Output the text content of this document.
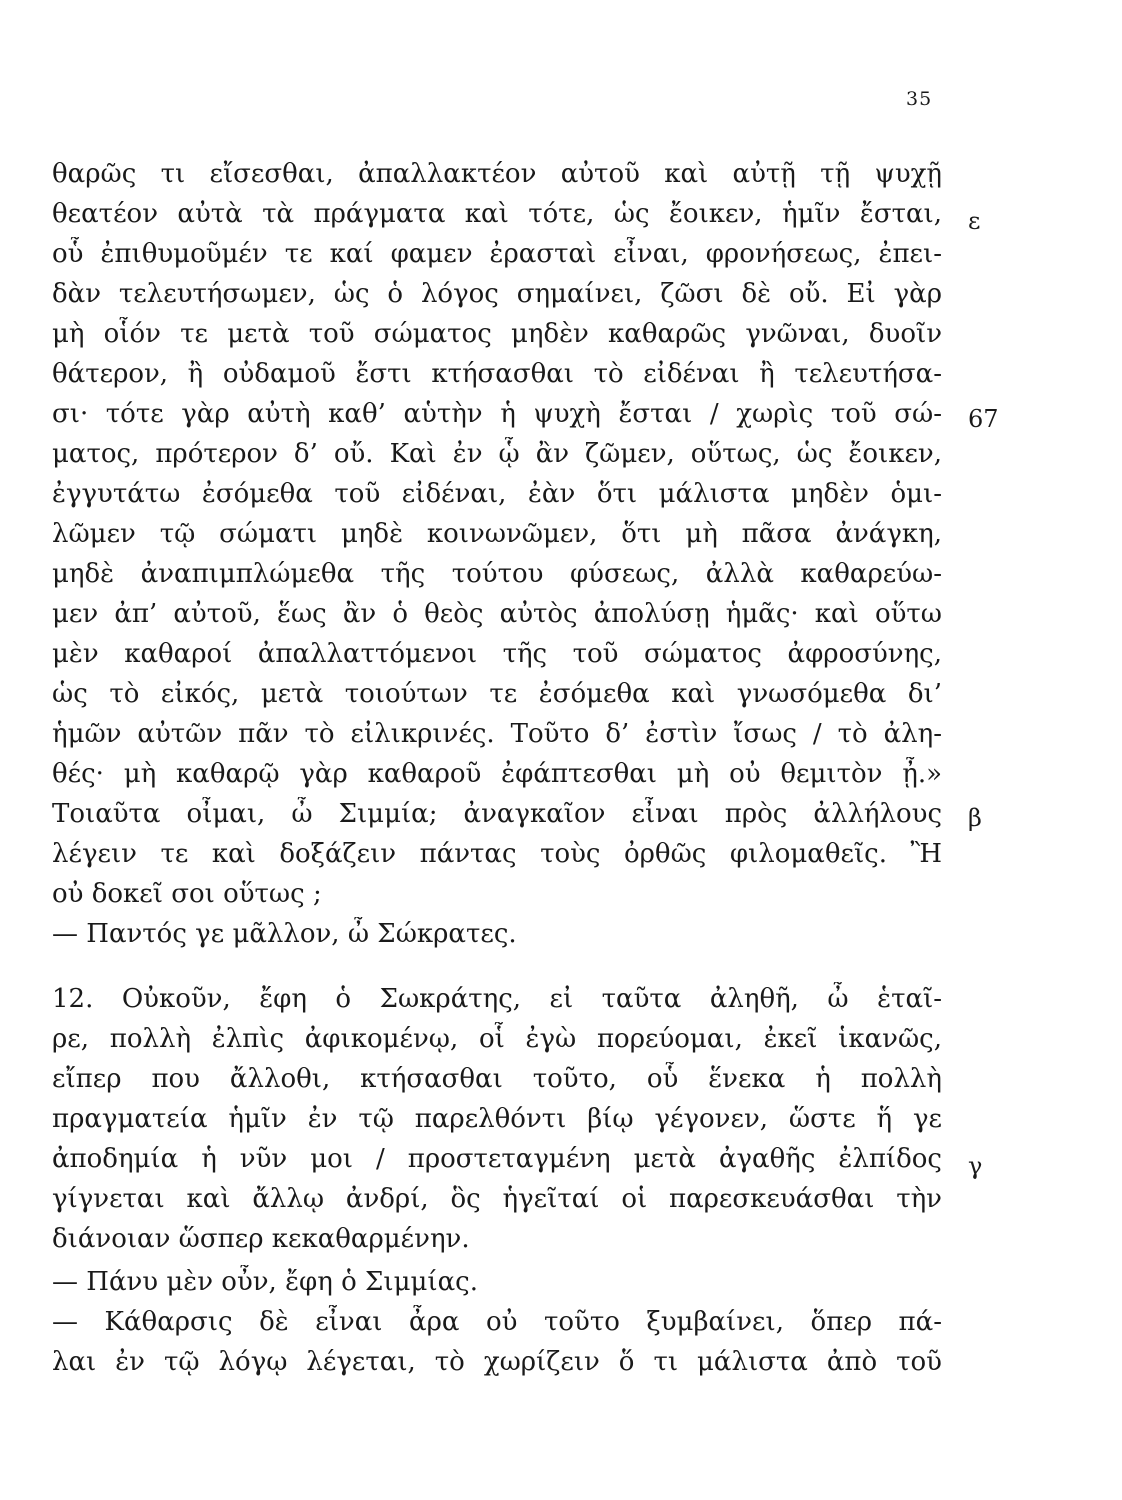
35
θαρῶς τι εἴσεσθαι, ἀπαλλακτέον αὐτοῦ καὶ αὐτῇ τῇ ψυχῇ
θεατέον αὐτὰ τὰ πράγματα καὶ τότε, ὡς ἔοικεν, ἡμῖν ἔσται,
οὗ ἐπιθυμοῦμέν τε καί φαμεν ἐρασταὶ εἶναι, φρονήσεως, ἐπει-
δὰν τελευτήσωμεν, ὡς ὁ λόγος σημαίνει, ζῶσι δὲ οὔ. Εἰ γὰρ
μὴ οἷόν τε μετὰ τοῦ σώματος μηδὲν καθαρῶς γνῶναι, δυοῖν
θάτερον, ἢ οὐδαμοῦ ἔστι κτήσασθαι τὸ εἰδέναι ἢ τελευτήσα-
σι· τότε γὰρ αὐτὴ καθ’ αὑτὴν ἡ ψυχὴ ἔσται / χωρὶς τοῦ σώ-
ματος, πρότερον δ’ οὔ. Καὶ ἐν ᾧ ἂν ζῶμεν, οὕτως, ὡς ἔοικεν,
ἐγγυτάτω ἐσόμεθα τοῦ εἰδέναι, ἐὰν ὅτι μάλιστα μηδὲν ὁμι-
λῶμεν τῷ σώματι μηδὲ κοινωνῶμεν, ὅτι μὴ πᾶσα ἀνάγκη,
μηδὲ ἀναπιμπλώμεθα τῆς τούτου φύσεως, ἀλλὰ καθαρεύω-
μεν ἀπ’ αὐτοῦ, ἕως ἂν ὁ θεὸς αὐτὸς ἀπολύσῃ ἡμᾶς· καὶ οὕτω
μὲν καθαροί ἀπαλλαττόμενοι τῆς τοῦ σώματος ἀφροσύνης,
ὡς τὸ εἰκός, μετὰ τοιούτων τε ἐσόμεθα καὶ γνωσόμεθα δι’
ἡμῶν αὐτῶν πᾶν τὸ εἰλικρινές. Τοῦτο δ’ ἐστὶν ἴσως / τὸ ἀλη-
θές· μὴ καθαρῷ γὰρ καθαροῦ ἐφάπτεσθαι μὴ οὐ θεμιτὸν ᾖ.»
Τοιαῦτα οἶμαι, ὦ Σιμμία; ἀναγκαῖον εἶναι πρὸς ἀλλήλους
λέγειν τε καὶ δοξάζειν πάντας τοὺς ὀρθῶς φιλομαθεῖς. Ἢ
οὐ δοκεῖ σοι οὕτως ;
— Παντός γε μᾶλλον, ὦ Σώκρατες.
12. Οὐκοῦν, ἔφη ὁ Σωκράτης, εἰ ταῦτα ἀληθῆ, ὦ ἑταῖ-
ρε, πολλὴ ἐλπὶς ἀφικομένῳ, οἷ ἐγὼ πορεύομαι, ἐκεῖ ἱκανῶς,
εἴπερ που ἄλλοθι, κτήσασθαι τοῦτο, οὗ ἕνεκα ἡ πολλὴ
πραγματεία ἡμῖν ἐν τῷ παρελθόντι βίῳ γέγονεν, ὥστε ἥ γε
ἀποδημία ἡ νῦν μοι / προστεταγμένη μετὰ ἀγαθῆς ἐλπίδος
γίγνεται καὶ ἄλλῳ ἀνδρί, ὃς ἡγεῖταί οἱ παρεσκευάσθαι τὴν
διάνοιαν ὥσπερ κεκαθαρμένην.
— Πάνυ μὲν οὖν, ἔφη ὁ Σιμμίας.
— Κάθαρσις δὲ εἶναι ἆρα οὐ τοῦτο ξυμβαίνει, ὅπερ πά-
λαι ἐν τῷ λόγῳ λέγεται, τὸ χωρίζειν ὅ τι μάλιστα ἀπὸ τοῦ
ε
67
β
γ
